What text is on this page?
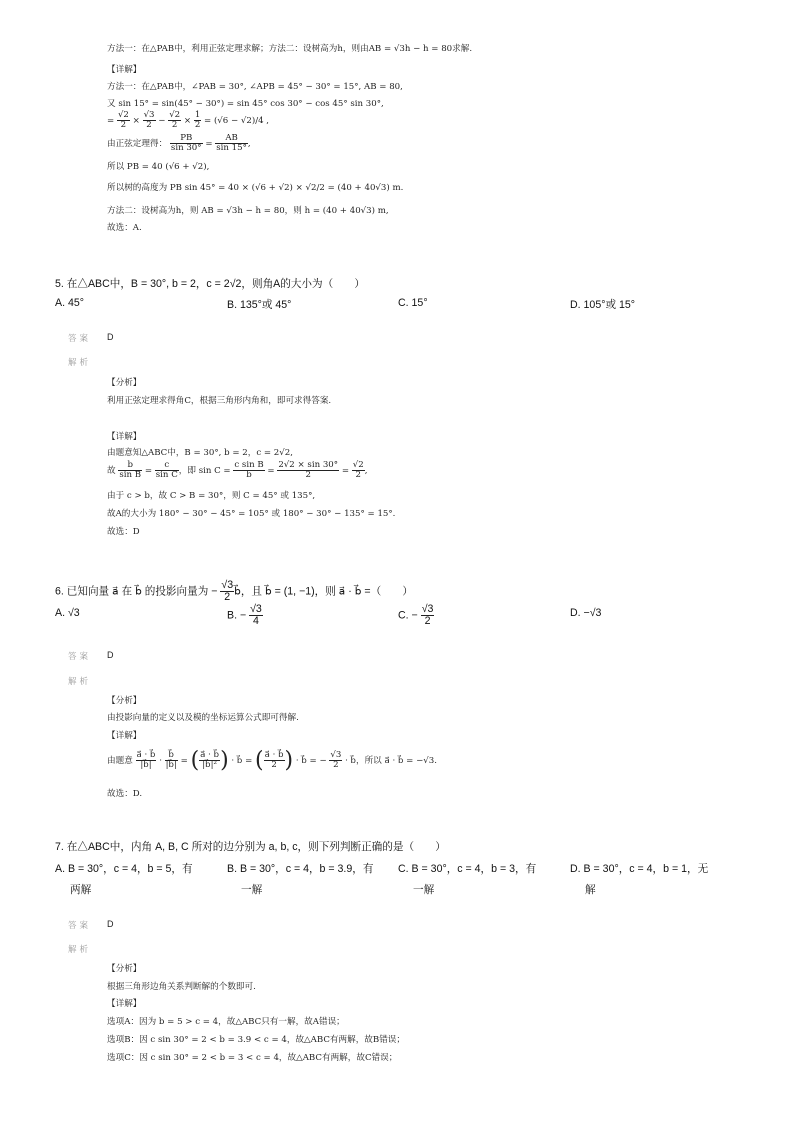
方法一：在△PAB中，利用正弦定理求解；方法二：设树高为h，则由AB = √3h − h = 80求解.
【详解】
方法一：在△PAB中，∠PAB = 30°, ∠APB = 45° − 30° = 15°, AB = 80,
又 sin 15° = sin(45° − 30°) = sin 45° cos 30° − cos 45° sin 30°,
= $\frac{√2}{2} \times \frac{√3}{2} - \frac{√2}{2} \times \frac{1}{2} = (√6 - √2)/4$ ,
由正弦定理得： $\frac{PB}{\sin 30^\circ} = \frac{AB}{\sin 15^\circ}$ ,
所以 PB = 40 (√6 + √2),
所以树的高度为 PB sin 45° = 40 × (√6 + √2) × √2/2 = (40 + 40√3) m.
方法二：设树高为h，则 AB = √3h − h = 80，则 h = (40 + 40√3) m,
故选：A.
5. 在△ABC中，B = 30°, b = 2，c = 2√2，则角A的大小为（　　）
A. 45°	B. 135°或 45°	C. 15°	D. 105°或 15°
答案 D
解析
【分析】
利用正弦定理求得角C，根据三角形内角和，即可求得答案.
【详解】
由题意知△ABC中，B = 30°, b = 2，c = 2√2,
故 $\frac{b}{\text{sin B}} = \frac{c}{\text{sin C}}$ ，即 $\sin C = \frac{\text{c sin B}}{b} = \frac{2√2 \times \sin 30^\circ}{2} = \frac{√2}{2}$ ,
由于 c > b，故 C > B = 30°，则 C = 45° 或 135°,
故A的大小为 180° − 30° − 45° = 105° 或 180° − 30° − 135° = 15°.
故选：D
6. 已知向量 a⃗ 在 b⃗ 的投影向量为 − $\frac{√3}{2}$ b⃗，且 b⃗ = (1, −1)，则 a⃗ · b⃗ =（　　）
A. √3	B. − $\frac{√3}{4}$	C. − $\frac{√3}{2}$	D. −√3
答案 D
解析
【分析】
由投影向量的定义以及模的坐标运算公式即可得解.
【详解】
由题意 $\frac{a⃗ \cdot b⃗}{|b⃗|} \cdot \frac{b⃗}{|b⃗|}$ = ( $\frac{a⃗ \cdot b⃗}{\text{|b⃗|²}}$ ) · b⃗ = ( $\frac{a⃗ \cdot b⃗}{2}$ ) · b⃗ = − $\frac{√3}{2}$ · b⃗，所以 a⃗ · b⃗ = −√3.
故选：D.
7. 在△ABC中，内角 A, B, C 所对的边分别为 a, b, c，则下列判断正确的是（　　）
A. B = 30°，c = 4，b = 5，有
两解
B. B = 30°，c = 4，b = 3.9，有
一解
C. B = 30°，c = 4，b = 3，有
一解
D. B = 30°，c = 4，b = 1，无
解
答案 D
解析
【分析】
根据三角形边角关系判断解的个数即可.
【详解】
选项A：因为 b = 5 > c = 4，故△ABC只有一解，故A错误；
选项B：因 c sin 30° = 2 < b = 3.9 < c = 4，故△ABC有两解，故B错误；
选项C：因 c sin 30° = 2 < b = 3 < c = 4，故△ABC有两解，故C错误；
